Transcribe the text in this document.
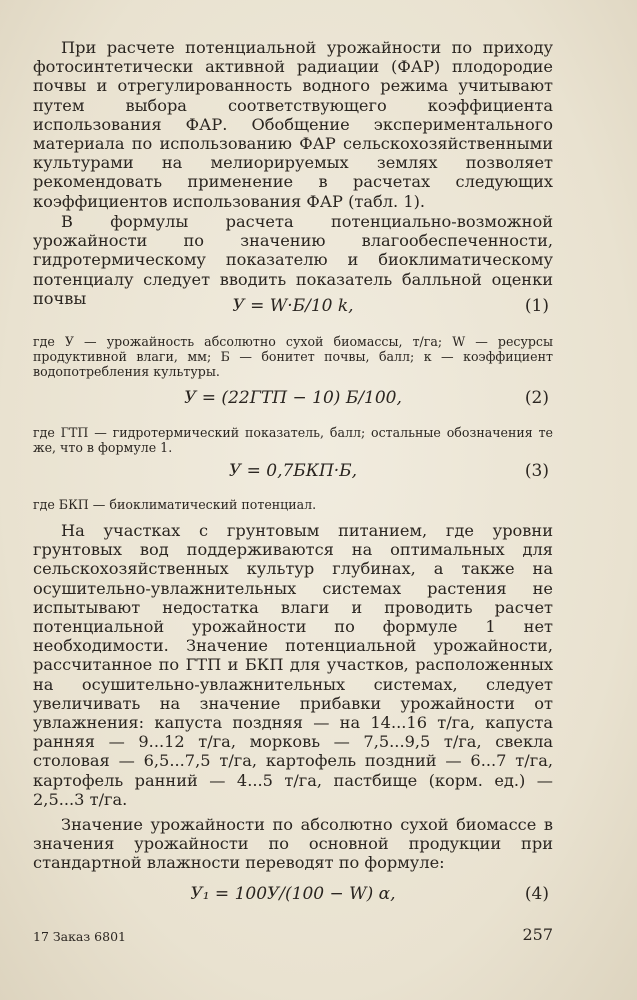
При расчете потенциальной урожайности по приходу фотосинтетически активной радиации (ФАР) плодородие почвы и отрегулированность водного режима учитывают путем выбора соответствующего коэффициента использования ФАР. Обобщение экспериментального материала по использованию ФАР сельскохозяйственными культурами на мелиорируемых землях позволяет рекомендовать применение в расчетах следующих коэффициентов использования ФАР (табл. 1).

В формулы расчета потенциально-возможной урожайности по значению влагообеспеченности, гидротермическому показателю и биоклиматическому потенциалу следует вводить показатель балльной оценки почвы	У = W·Б/10 k,	(1)

где У — урожайность абсолютно сухой биомассы, т/га; W — ресурсы продуктивной влаги, мм; Б — бонитет почвы, балл; к — коэффициент водопотребления культуры.

У = (22ГТП − 10) Б/100,	(2)

где ГТП — гидротермический показатель, балл; остальные обозначения те же, что в формуле 1.

У = 0,7БКП·Б,	(3)

где БКП — биоклиматический потенциал.

На участках с грунтовым питанием, где уровни грунтовых вод поддерживаются на оптимальных для сельскохозяйственных культур глубинах, а также на осушительно-увлажнительных системах растения не испытывают недостатка влаги и проводить расчет потенциальной урожайности по формуле 1 нет необходимости. Значение потенциальной урожайности, рассчитанное по ГТП и БКП для участков, расположенных на осушительно-увлажнительных системах, следует увеличивать на значение прибавки урожайности от увлажнения: капуста поздняя — на 14...16 т/га, капуста ранняя — 9...12 т/га, морковь — 7,5...9,5 т/га, свекла столовая — 6,5...7,5 т/га, картофель поздний — 6...7 т/га, картофель ранний — 4...5 т/га, пастбище (корм. ед.) — 2,5...3 т/га.

Значение урожайности по абсолютно сухой биомассе в значения урожайности по основной продукции при стандартной влажности переводят по формуле:

У₁ = 100У/(100 − W) α,	(4)
17 Заказ 6801	257
